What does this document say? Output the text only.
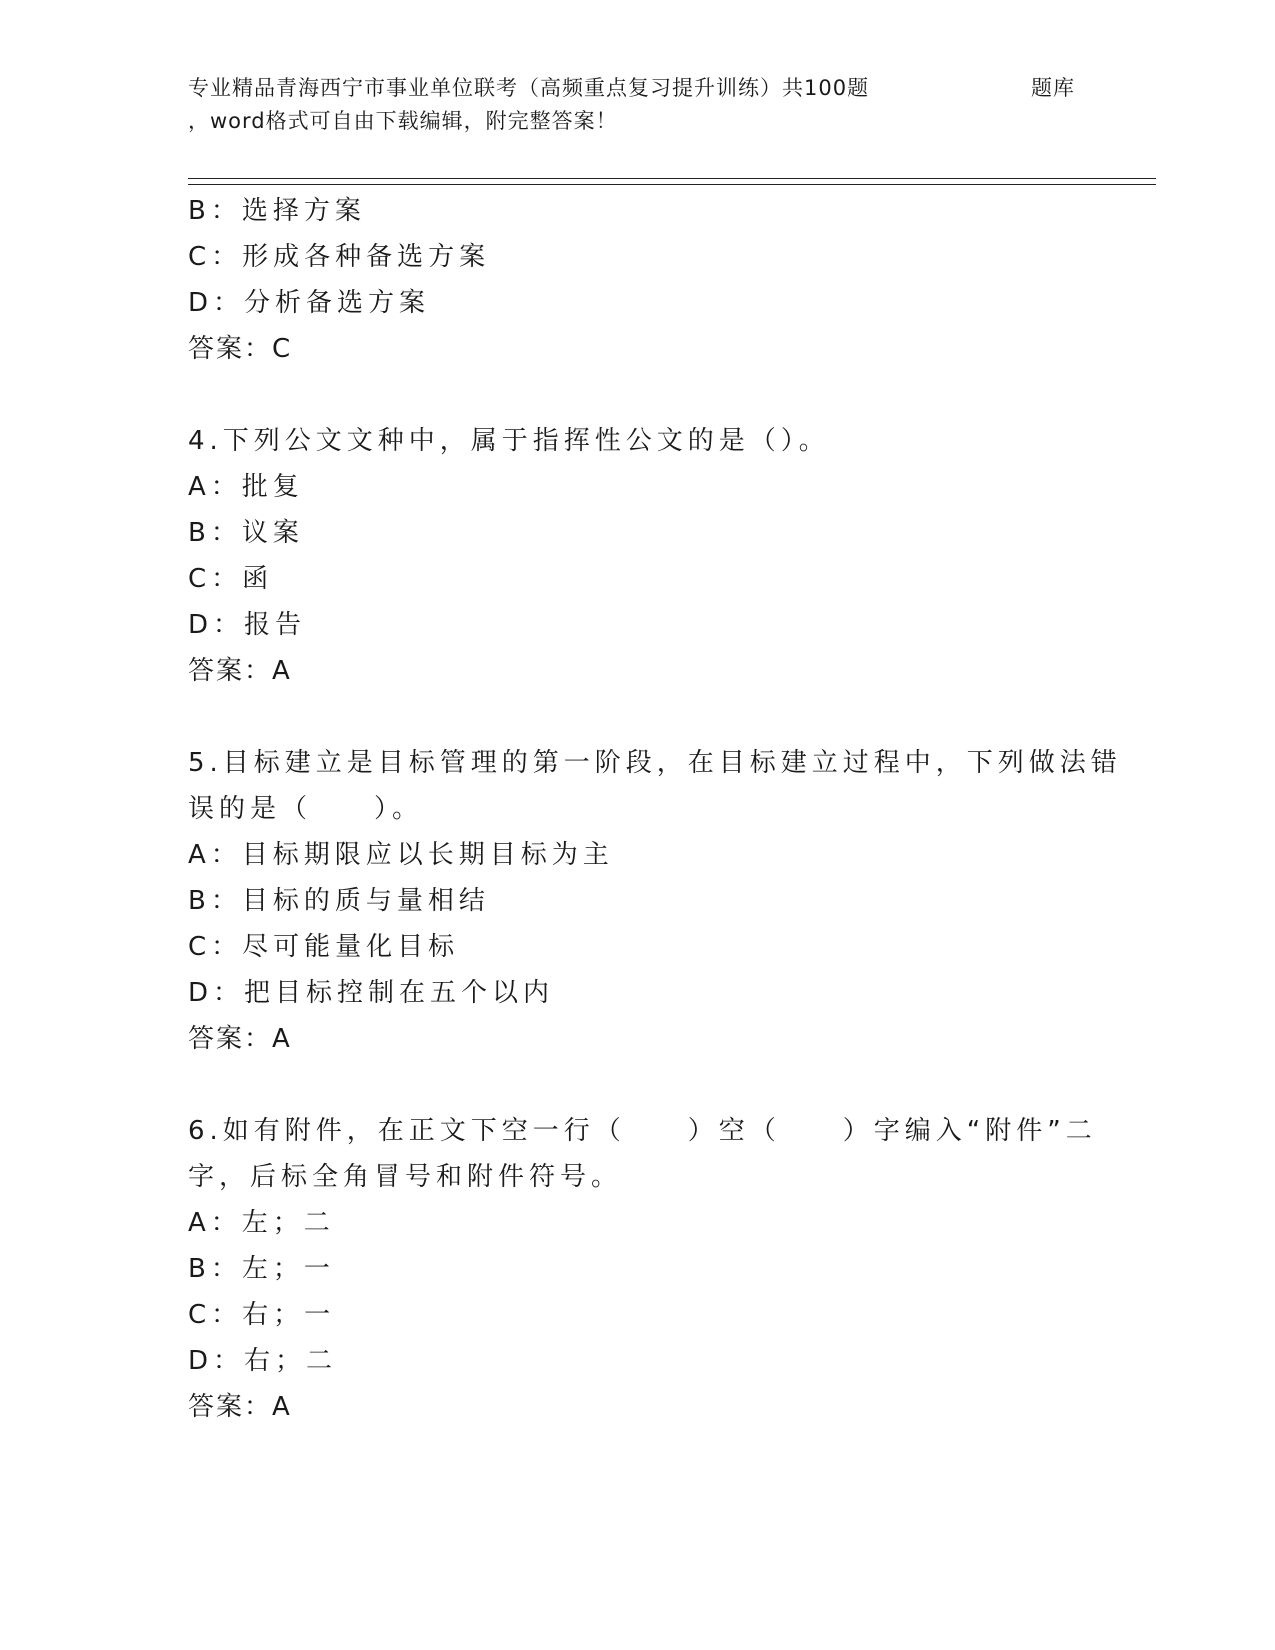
专业精品青海西宁市事业单位联考（高频重点复习提升训练）共100题	题库
，word格式可自由下载编辑，附完整答案！
B：选择方案
C：形成各种备选方案
D：分析备选方案
答案：C
4.下列公文文种中，属于指挥性公文的是（）。
A：批复
B：议案
C：函
D：报告
答案：A
5.目标建立是目标管理的第一阶段，在目标建立过程中，下列做法错
误的是（　　）。
A：目标期限应以长期目标为主
B：目标的质与量相结
C：尽可能量化目标
D：把目标控制在五个以内
答案：A
6.如有附件，在正文下空一行（　　）空（　　）字编入“附件”二
字，后标全角冒号和附件符号。
A：左；二
B：左；一
C：右；一
D：右；二
答案：A
